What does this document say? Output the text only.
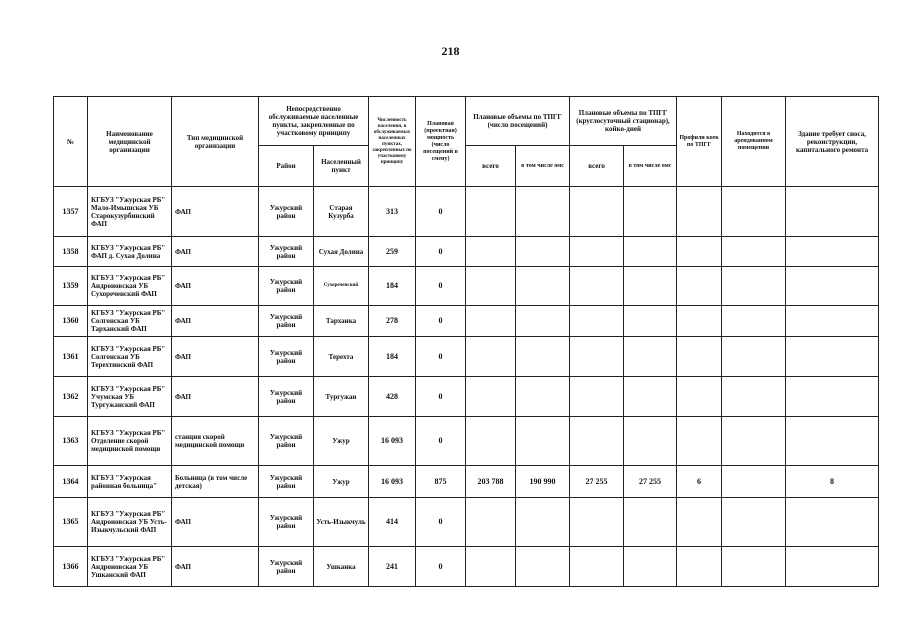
218
№	Наименование медицинской организации	Тип медицинской организации	Непосредственно обслуживаемые населенные пункты, закрепленные по участковому принципу		Численность населения, в обслуживаемых населенных пунктах, закрепленных по участковому принципу	Плановая (проектная) мощность (число посещений в смену)	Плановые объемы по ТПГГ (число посещений)		Плановые объемы по ТПГГ (круглосуточный стационар), койко-дней		Профили коек по ТПГГ	Находится в арендованном помещении	Здание требует сноса, реконструкции, капитального ремонта
			Район	Населенный пункт			всего	в том числе омс	всего	в том числе омс			
1357	КГБУЗ "Ужурская РБ" Мало-Имышская УБ Старокузурбинский ФАП	ФАП	Ужурский район	Старая Кузурба	313	0							
1358	КГБУЗ "Ужурская РБ" ФАП д. Сухая Долина	ФАП	Ужурский район	Сухая Долина	259	0							
1359	КГБУЗ "Ужурская РБ" Андроновская УБ Сухореченский ФАП	ФАП	Ужурский район	Сухореченский	184	0							
1360	КГБУЗ "Ужурская РБ" Солгонская УБ Тарханский ФАП	ФАП	Ужурский район	Тарханка	278	0							
1361	КГБУЗ "Ужурская РБ" Солгонская УБ Терехтинский ФАП	ФАП	Ужурский район	Терехта	184	0							
1362	КГБУЗ "Ужурская РБ" Учумская УБ Тургужанский ФАП	ФАП	Ужурский район	Тургужан	428	0							
1363	КГБУЗ "Ужурская РБ" Отделение скорой медицинской помощи	станция скорой медицинской помощи	Ужурский район	Ужур	16 093	0							
1364	КГБУЗ "Ужурская районная больница"	Больница (в том числе детская)	Ужурский район	Ужур	16 093	875	203 788	190 990	27 255	27 255	6		8
1365	КГБУЗ "Ужурская РБ" Андроновская УБ Усть-Изыкчульский ФАП	ФАП	Ужурский район	Усть-Изыкчуль	414	0							
1366	КГБУЗ "Ужурская РБ" Андроновская УБ Ушканский ФАП	ФАП	Ужурский район	Ушканка	241	0							
